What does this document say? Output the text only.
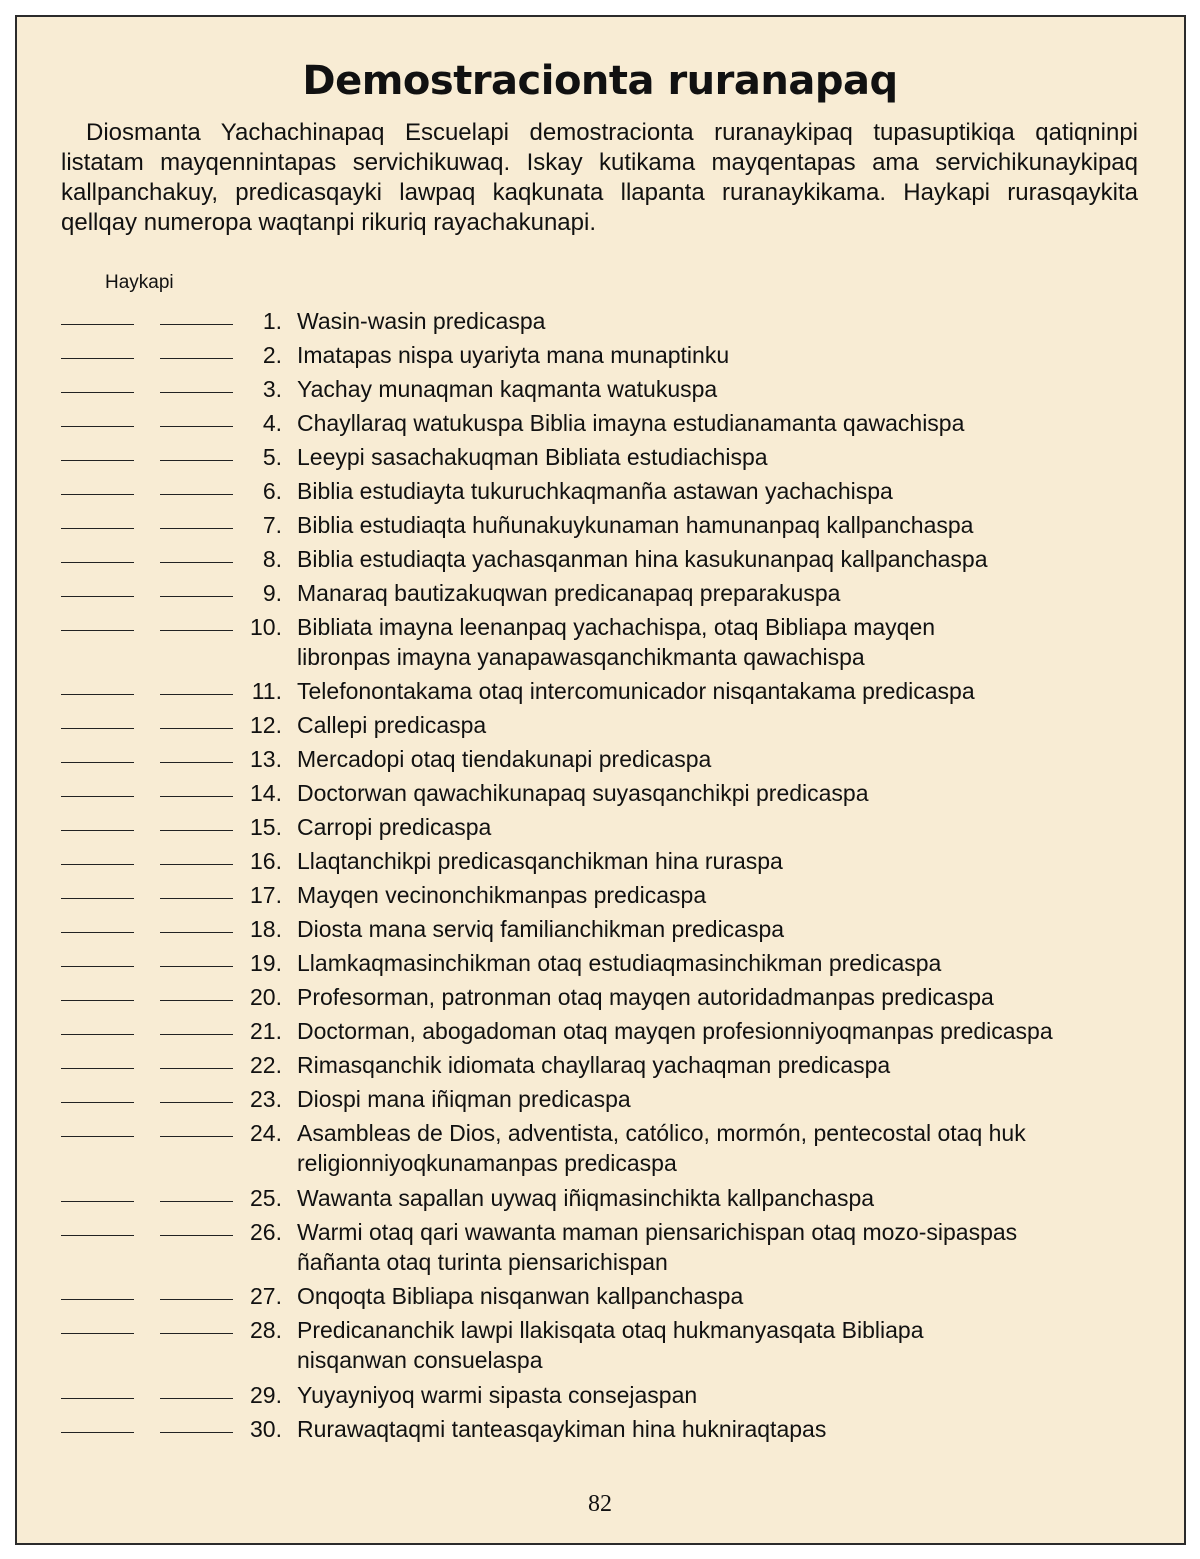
Demostracionta ruranapaq

Diosmanta Yachachinapaq Escuelapi demostracionta ruranaykipaq tupasuptikiqa qatiqninpi listatam mayqennintapas servichikuwaq. Iskay kutikama mayqentapas ama servichikunaykipaq kallpanchakuy, predicasqayki lawpaq kaqkunata llapanta ruranaykikama. Haykapi rurasqaykita qellqay numeropa waqtanpi rikuriq rayachakunapi.

Haykapi
1. Wasin-wasin predicaspa
2. Imatapas nispa uyariyta mana munaptinku
3. Yachay munaqman kaqmanta watukuspa
4. Chayllaraq watukuspa Biblia imayna estudianamanta qawachispa
5. Leeypi sasachakuqman Bibliata estudiachispa
6. Biblia estudiayta tukuruchkaqmanña astawan yachachispa
7. Biblia estudiaqta huñunakuykunaman hamunanpaq kallpanchaspa
8. Biblia estudiaqta yachasqanman hina kasukunanpaq kallpanchaspa
9. Manaraq bautizakuqwan predicanapaq preparakuspa
10. Bibliata imayna leenanpaq yachachispa, otaq Bibliapa mayqen
libronpas imayna yanapawasqanchikmanta qawachispa
11. Telefonontakama otaq intercomunicador nisqantakama predicaspa
12. Callepi predicaspa
13. Mercadopi otaq tiendakunapi predicaspa
14. Doctorwan qawachikunapaq suyasqanchikpi predicaspa
15. Carropi predicaspa
16. Llaqtanchikpi predicasqanchikman hina ruraspa
17. Mayqen vecinonchikmanpas predicaspa
18. Diosta mana serviq familianchikman predicaspa
19. Llamkaqmasinchikman otaq estudiaqmasinchikman predicaspa
20. Profesorman, patronman otaq mayqen autoridadmanpas predicaspa
21. Doctorman, abogadoman otaq mayqen profesionniyoqmanpas predicaspa
22. Rimasqanchik idiomata chayllaraq yachaqman predicaspa
23. Diospi mana iñiqman predicaspa
24. Asambleas de Dios, adventista, católico, mormón, pentecostal otaq huk
religionniyoqkunamanpas predicaspa
25. Wawanta sapallan uywaq iñiqmasinchikta kallpanchaspa
26. Warmi otaq qari wawanta maman piensarichispan otaq mozo-sipaspas
ñañanta otaq turinta piensarichispan
27. Onqoqta Bibliapa nisqanwan kallpanchaspa
28. Predicananchik lawpi llakisqata otaq hukmanyasqata Bibliapa
nisqanwan consuelaspa
29. Yuyayniyoq warmi sipasta consejaspan
30. Rurawaqtaqmi tanteasqaykiman hina hukniraqtapas
82
